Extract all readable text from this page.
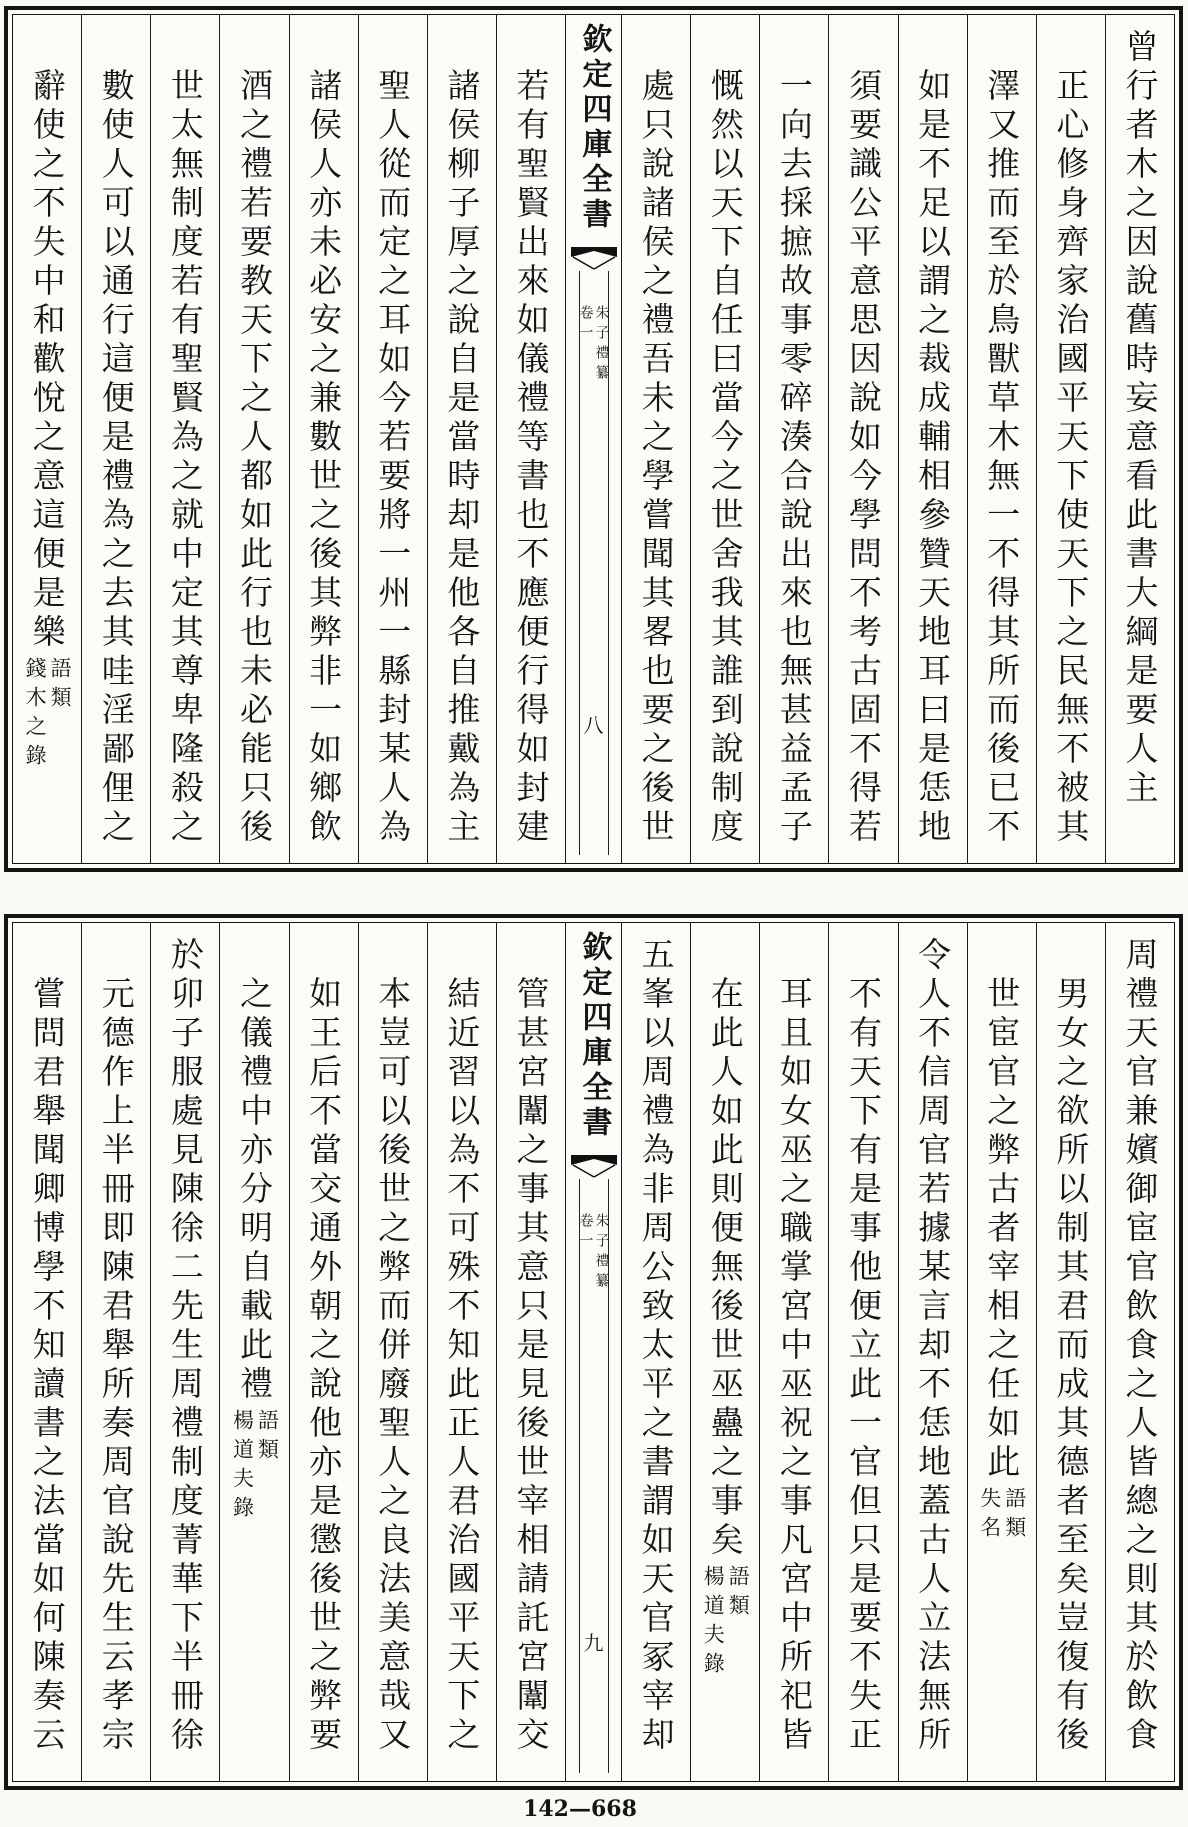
曾行者木之因說舊時妄意看此書大綱是要人主
正心修身齊家治國平天下使天下之民無不被其
澤又推而至於鳥獸草木無一不得其所而後已不
如是不足以謂之裁成輔相參贊天地耳曰是恁地
須要識公平意思因說如今學問不考古固不得若
一向去採摭故事零碎湊合說出來也無甚益孟子
慨然以天下自任曰當今之世舍我其誰到說制度
處只說諸侯之禮吾未之學嘗聞其畧也要之後世
欽定四庫全書
朱子禮纂
卷一
八
若有聖賢出來如儀禮等書也不應便行得如封建
諸侯柳子厚之說自是當時却是他各自推戴為主
聖人從而定之耳如今若要將一州一縣封某人為
諸侯人亦未必安之兼數世之後其弊非一如鄉飲
酒之禮若要教天下之人都如此行也未必能只後
世太無制度若有聖賢為之就中定其尊卑隆殺之
數使人可以通行這便是禮為之去其哇淫鄙俚之
辭使之不失中和歡悅之意這便是樂
語類
錢木之錄
周禮天官兼嬪御宦官飲食之人皆總之則其於飲食
男女之欲所以制其君而成其德者至矣豈復有後
世宦官之弊古者宰相之任如此
語類
失名
令人不信周官若據某言却不恁地蓋古人立法無所
不有天下有是事他便立此一官但只是要不失正
耳且如女巫之職掌宮中巫祝之事凡宮中所祀皆
在此人如此則便無後世巫蠱之事矣
語類
楊道夫錄
五峯以周禮為非周公致太平之書謂如天官冢宰却
欽定四庫全書
朱子禮纂
卷一
九
管甚宮闈之事其意只是見後世宰相請託宮闈交
結近習以為不可殊不知此正人君治國平天下之
本豈可以後世之弊而併廢聖人之良法美意哉又
如王后不當交通外朝之說他亦是懲後世之弊要
之儀禮中亦分明自載此禮
語類
楊道夫錄
於卯子服處見陳徐二先生周禮制度菁華下半冊徐
元德作上半冊即陳君舉所奏周官說先生云孝宗
嘗問君舉聞卿博學不知讀書之法當如何陳奏云
142—668
